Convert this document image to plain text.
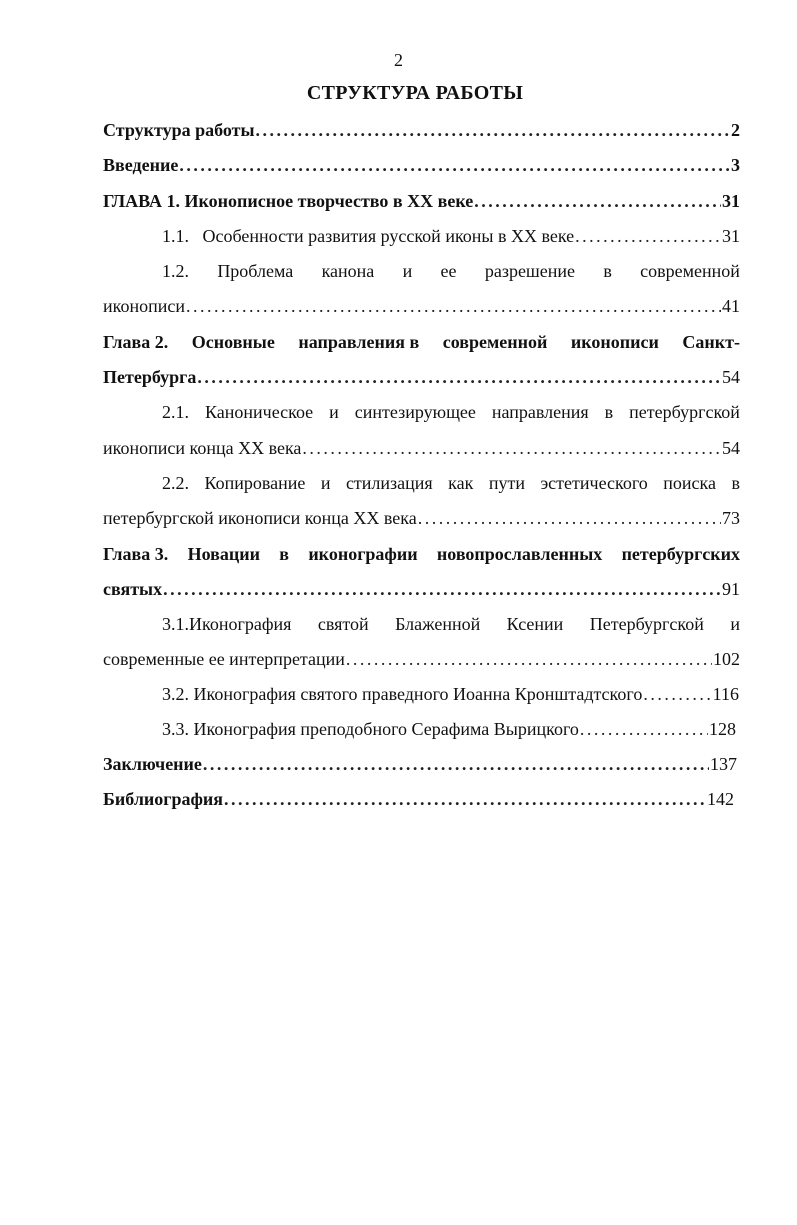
2
СТРУКТУРА РАБОТЫ
Структура работы . . .	2
Введение . . .	3
ГЛАВА 1. Иконописное творчество в XX веке . . .	31
1.1.   Особенности развития русской иконы в XX веке . . .	31
1.2. Проблема канона и ее разрешение в современной
иконописи . . .	41
Глава 2. Основные направления в современной иконописи Санкт-
Петербурга . . .	54
2.1. Каноническое и синтезирующее направления в петербургской
иконописи конца XX века . . .	54
2.2. Копирование и стилизация как пути эстетического поиска в
петербургской иконописи конца XX века . . .	73
Глава 3. Новации в иконографии новопрославленных петербургских
святых . . .	91
3.1.Иконография святой Блаженной Ксении Петербургской и
современные ее интерпретации . . .	102
3.2. Иконография святого праведного Иоанна Кронштадтского . . .	116
3.3. Иконография преподобного Серафима Вырицкого . . .	128
Заключение . . .	137
Библиография . . .	142
